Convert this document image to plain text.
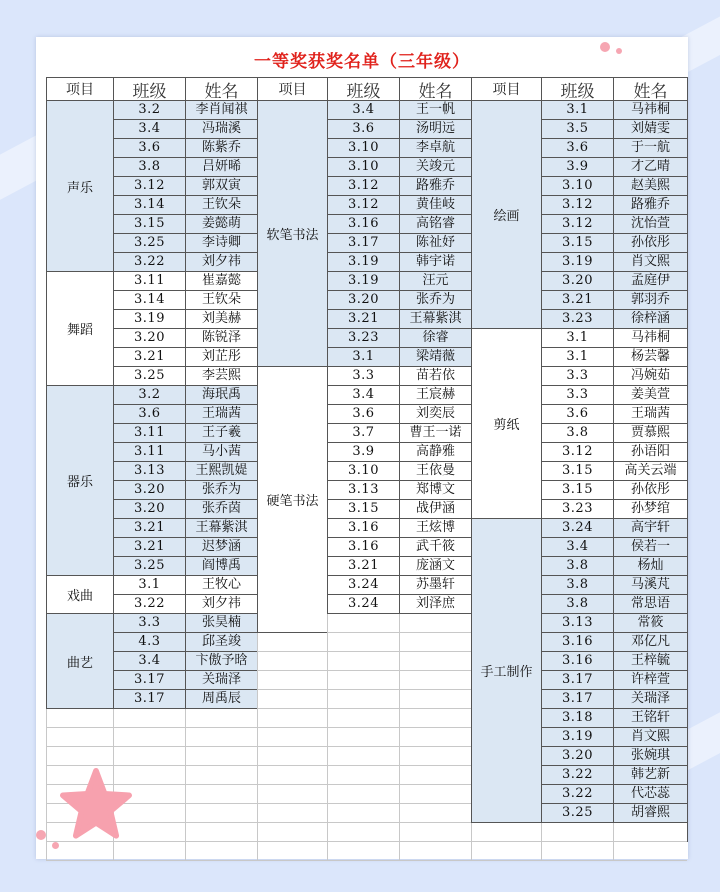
一等奖获奖名单（三年级）
项目
声乐
舞蹈
器乐
戏曲
曲艺
班级
3.2
3.4
3.6
3.8
3.12
3.14
3.15
3.25
3.22
3.11
3.14
3.19
3.20
3.21
3.25
3.2
3.6
3.11
3.11
3.13
3.20
3.20
3.21
3.21
3.25
3.1
3.22
3.3
4.3
3.4
3.17
3.17
姓名
李肖闻祺
冯瑞溪
陈紫乔
吕妍晞
郭双寅
王钦朵
姜懿萌
李诗卿
刘夕祎
崔嘉懿
王钦朵
刘美赫
陈锐泽
刘芷彤
李芸熙
海珉禹
王瑞茜
王子羲
马小茜
王熙凯媞
张乔为
张乔茵
王幕紫淇
迟梦涵
阎博禹
王牧心
刘夕祎
张昊楠
邱圣竣
卞傲予晗
关瑞泽
周禹辰
项目
软笔书法
硬笔书法
班级
3.4
3.6
3.10
3.10
3.12
3.12
3.16
3.17
3.19
3.19
3.20
3.21
3.23
3.1
3.3
3.4
3.6
3.7
3.9
3.10
3.13
3.15
3.16
3.16
3.21
3.24
3.24
姓名
王一帆
汤明远
李卓航
关竣元
路雅乔
黄佳岐
高铭睿
陈祉妤
韩宇诺
汪元
张乔为
王幕紫淇
徐睿
梁靖薇
苗若依
王宸赫
刘奕辰
曹王一诺
高静雅
王依曼
郑博文
战伊涵
王炫博
武千筱
庞涵文
苏墨轩
刘泽庶
项目
绘画
剪纸
手工制作
班级
3.1
3.5
3.6
3.9
3.10
3.12
3.12
3.15
3.19
3.20
3.21
3.23
3.1
3.1
3.3
3.3
3.6
3.8
3.12
3.15
3.15
3.23
3.24
3.4
3.8
3.8
3.8
3.13
3.16
3.16
3.17
3.17
3.18
3.19
3.20
3.22
3.22
3.25
姓名
马祎桐
刘婧雯
于一航
才乙晴
赵美熙
路雅乔
沈怡萱
孙依彤
肖文熙
孟庭伊
郭羽乔
徐梓涵
马祎桐
杨芸馨
冯婉茹
姜美萱
王瑞茜
贾慕熙
孙语阳
高关云端
孙依彤
孙梦绾
高宇轩
侯若一
杨灿
马溪芃
常思语
常筱
邓亿凡
王梓毓
许梓萱
关瑞泽
王铭轩
肖文熙
张婉琪
韩艺新
代芯蕊
胡睿熙
